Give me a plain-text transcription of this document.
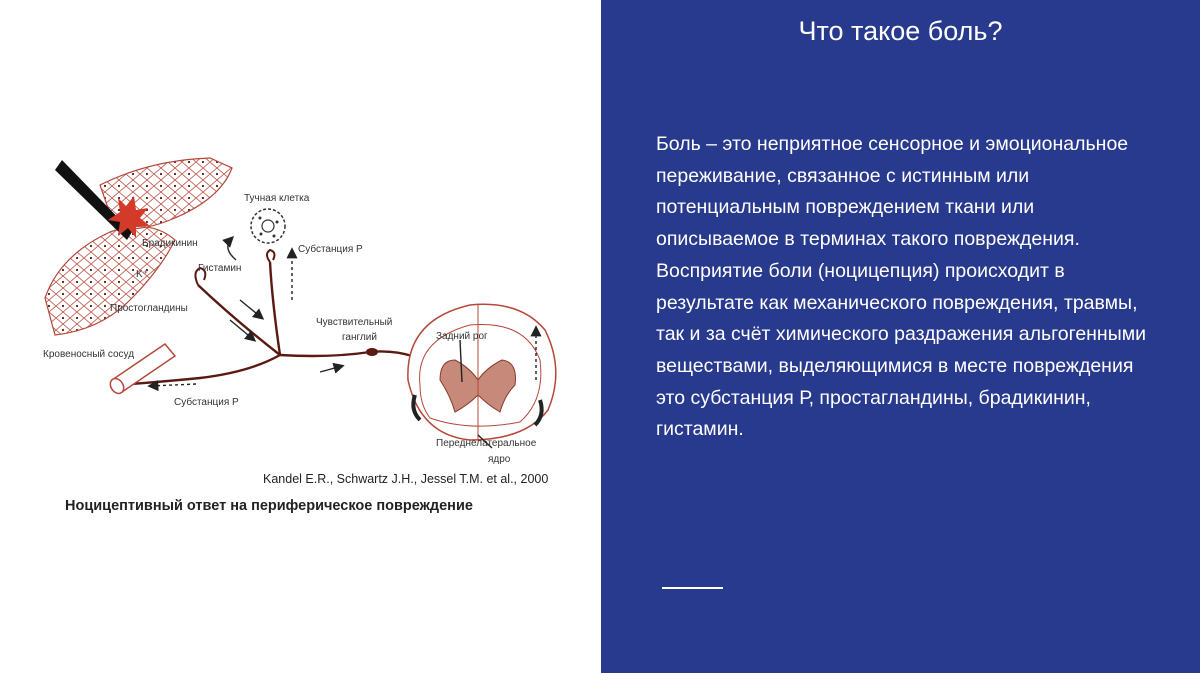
Тучная клетка
Брадикинин
Гистамин
Субстанция Р
K⁺
Простогландины
Кровеносный сосуд
Субстанция Р
Чувствительный
ганглий	Задний рог
Переднелатеральное
ядро
Kandel E.R., Schwartz J.H., Jessel T.M. et al., 2000
Ноцицептивный ответ на периферическое повреждение
Что такое боль?

Боль – это неприятное сенсорное и эмоциональное переживание, связанное с истинным или потенциальным повреждением ткани или описываемое в терминах такого повреждения.

Восприятие боли (ноцицепция) происходит в результате как механического повреждения, травмы, так и за счёт химического раздражения альгогенными веществами, выделяющимися в месте повреждения это субстанция Р, простагландины, брадикинин, гистамин.
